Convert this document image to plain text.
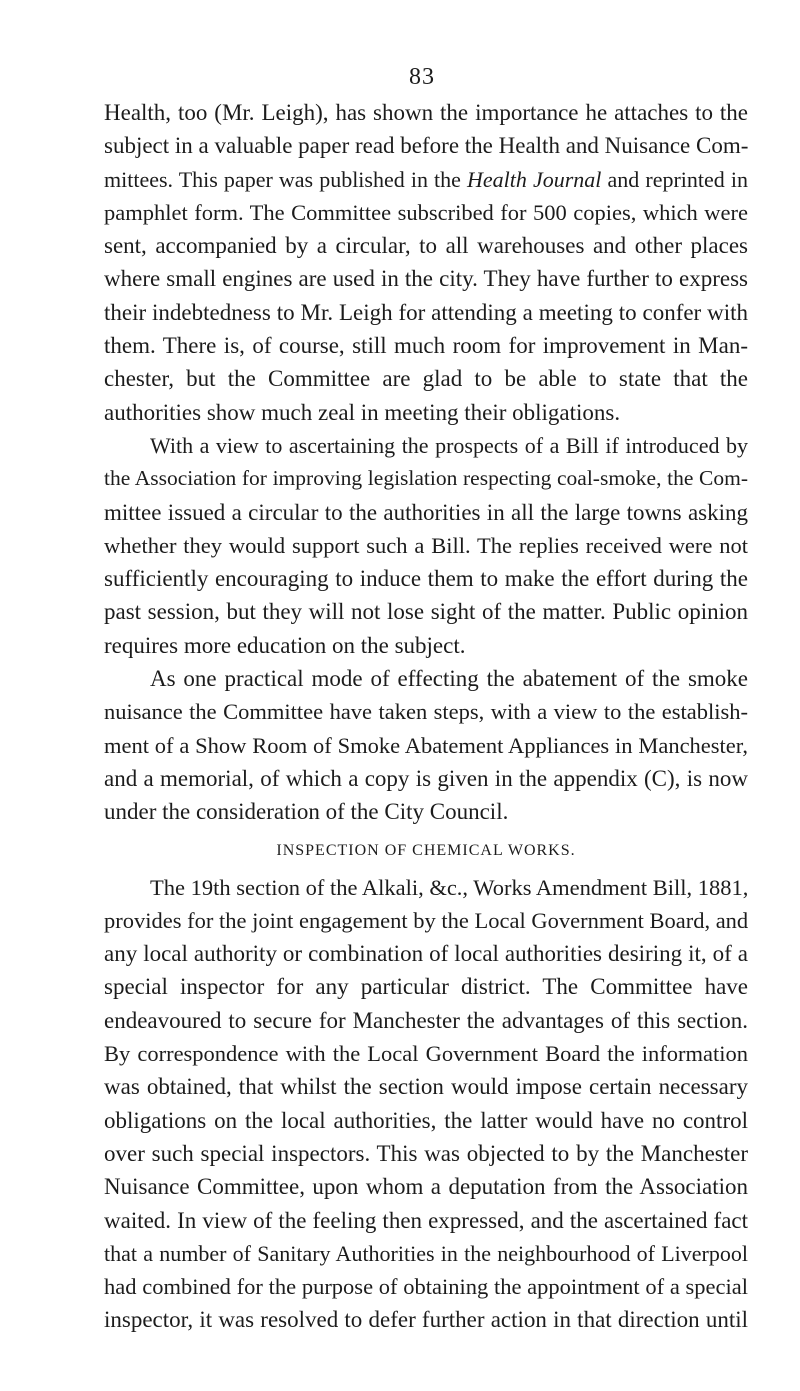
83
Health, too (Mr. Leigh), has shown the importance he attaches to the
subject in a valuable paper read before the Health and Nuisance Com-
mittees. This paper was published in the Health Journal and reprinted in
pamphlet form. The Committee subscribed for 500 copies, which were
sent, accompanied by a circular, to all warehouses and other places
where small engines are used in the city. They have further to express
their indebtedness to Mr. Leigh for attending a meeting to confer with
them. There is, of course, still much room for improvement in Man-
chester, but the Committee are glad to be able to state that the
authorities show much zeal in meeting their obligations.
With a view to ascertaining the prospects of a Bill if introduced by
the Association for improving legislation respecting coal-smoke, the Com-
mittee issued a circular to the authorities in all the large towns asking
whether they would support such a Bill. The replies received were not
sufficiently encouraging to induce them to make the effort during the
past session, but they will not lose sight of the matter. Public opinion
requires more education on the subject.
As one practical mode of effecting the abatement of the smoke
nuisance the Committee have taken steps, with a view to the establish-
ment of a Show Room of Smoke Abatement Appliances in Manchester,
and a memorial, of which a copy is given in the appendix (C), is now
under the consideration of the City Council.
INSPECTION OF CHEMICAL WORKS.
The 19th section of the Alkali, &c., Works Amendment Bill, 1881,
provides for the joint engagement by the Local Government Board, and
any local authority or combination of local authorities desiring it, of a
special inspector for any particular district. The Committee have
endeavoured to secure for Manchester the advantages of this section.
By correspondence with the Local Government Board the information
was obtained, that whilst the section would impose certain necessary
obligations on the local authorities, the latter would have no control
over such special inspectors. This was objected to by the Manchester
Nuisance Committee, upon whom a deputation from the Association
waited. In view of the feeling then expressed, and the ascertained fact
that a number of Sanitary Authorities in the neighbourhood of Liverpool
had combined for the purpose of obtaining the appointment of a special
inspector, it was resolved to defer further action in that direction until
